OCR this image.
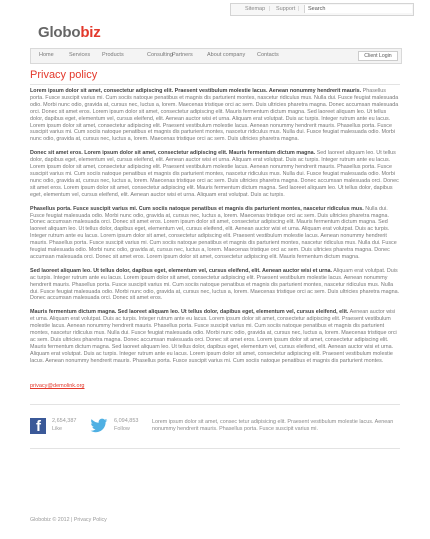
Sitemap | Support | Search
Globobiz
Home	Services Products	Consulting Partners	About company Contacts	Client Login
Privacy policy

Lorem ipsum dolor sit amet, consectetur adipiscing elit. Praesent vestibulum molestie lacus. Aenean nonummy hendrerit mauris. Phasellus porta. Fusce suscipit varius mi. Cum sociis natoque penatibus et magnis dis parturient montes, nascetur ridiculus mus. Nulla dui. Fusce feugiat malesuada odio. Morbi nunc odio, gravida at, cursus nec, luctus a, lorem. Maecenas tristique orci ac sem. Duis ultricies pharetra magna. Donec accumsan malesuada orci. Donec sit amet eros. Lorem ipsum dolor sit amet, consectetur adipiscing elit. Mauris fermentum dictum magna. Sed laoreet aliquam leo. Ut tellus dolor, dapibus eget, elementum vel, cursus eleifend, elit. Aenean auctor wisi et urna. Aliquam erat volutpat. Duis ac turpis. Integer rutrum ante eu lacus. Lorem ipsum dolor sit amet, consectetur adipiscing elit. Praesent vestibulum molestie lacus. Aenean nonummy hendrerit mauris. Phasellus porta. Fusce suscipit varius mi. Cum sociis natoque penatibus et magnis dis parturient montes, nascetur ridiculus mus. Nulla dui. Fusce feugiat malesuada odio. Morbi nunc odio, gravida at, cursus nec, luctus a, lorem. Maecenas tristique orci ac sem. Duis ultricies pharetra magna.

Donec sit amet eros. Lorem ipsum dolor sit amet, consectetur adipiscing elit. Mauris fermentum dictum magna. Sed laoreet aliquam leo. Ut tellus dolor, dapibus eget, elementum vel, cursus eleifend, elit. Aenean auctor wisi et urna. Aliquam erat volutpat. Duis ac turpis. Integer rutrum ante eu lacus. Lorem ipsum dolor sit amet, consectetur adipiscing elit. Praesent vestibulum molestie lacus. Aenean nonummy hendrerit mauris. Phasellus porta. Fusce suscipit varius mi. Cum sociis natoque penatibus et magnis dis parturient montes, nascetur ridiculus mus. Nulla dui. Fusce feugiat malesuada odio. Morbi nunc odio, gravida at, cursus nec, luctus a, lorem. Maecenas tristique orci ac sem. Duis ultricies pharetra magna. Donec accumsan malesuada orci. Donec sit amet eros. Lorem ipsum dolor sit amet, consectetur adipiscing elit. Mauris fermentum dictum magna. Sed laoreet aliquam leo. Ut tellus dolor, dapibus eget, elementum vel, cursus eleifend, elit. Aenean auctor wisi et urna. Aliquam erat volutpat. Duis ac turpis.

Phasellus porta. Fusce suscipit varius mi. Cum sociis natoque penatibus et magnis dis parturient montes, nascetur ridiculus mus. Nulla dui. Fusce feugiat malesuada odio. Morbi nunc odio, gravida at, cursus nec, luctus a, lorem. Maecenas tristique orci ac sem. Duis ultricies pharetra magna. Donec accumsan malesuada orci. Donec sit amet eros. Lorem ipsum dolor sit amet, consectetur adipiscing elit. Mauris fermentum dictum magna. Sed laoreet aliquam leo. Ut tellus dolor, dapibus eget, elementum vel, cursus eleifend, elit. Aenean auctor wisi et urna. Aliquam erat volutpat. Duis ac turpis. Integer rutrum ante eu lacus. Lorem ipsum dolor sit amet, consectetur adipiscing elit. Praesent vestibulum molestie lacus. Aenean nonummy hendrerit mauris. Phasellus porta. Fusce suscipit varius mi. Cum sociis natoque penatibus et magnis dis parturient montes, nascetur ridiculus mus. Nulla dui. Fusce feugiat malesuada odio. Morbi nunc odio, gravida at, cursus nec, luctus a, lorem. Maecenas tristique orci ac sem. Duis ultricies pharetra magna. Donec accumsan malesuada orci. Donec sit amet eros. Lorem ipsum dolor sit amet, consectetur adipiscing elit. Mauris fermentum dictum magna.

Sed laoreet aliquam leo. Ut tellus dolor, dapibus eget, elementum vel, cursus eleifend, elit. Aenean auctor wisi et urna. Aliquam erat volutpat. Duis ac turpis. Integer rutrum ante eu lacus. Lorem ipsum dolor sit amet, consectetur adipiscing elit. Praesent vestibulum molestie lacus. Aenean nonummy hendrerit mauris. Phasellus porta. Fusce suscipit varius mi. Cum sociis natoque penatibus et magnis dis parturient montes, nascetur ridiculus mus. Nulla dui. Fusce feugiat malesuada odio. Morbi nunc odio, gravida at, cursus nec, luctus a, lorem. Maecenas tristique orci ac sem. Duis ultricies pharetra magna. Donec accumsan malesuada orci. Donec sit amet eros.

Mauris fermentum dictum magna. Sed laoreet aliquam leo. Ut tellus dolor, dapibus eget, elementum vel, cursus eleifend, elit. Aenean auctor wisi et urna. Aliquam erat volutpat. Duis ac turpis. Integer rutrum ante eu lacus. Lorem ipsum dolor sit amet, consectetur adipiscing elit. Praesent vestibulum molestie lacus. Aenean nonummy hendrerit mauris. Phasellus porta. Fusce suscipit varius mi. Cum sociis natoque penatibus et magnis dis parturient montes, nascetur ridiculus mus. Nulla dui. Fusce feugiat malesuada odio. Morbi nunc odio, gravida at, cursus nec, luctus a, lorem. Maecenas tristique orci ac sem. Duis ultricies pharetra magna. Donec accumsan malesuada orci. Donec sit amet eros. Lorem ipsum dolor sit amet, consectetur adipiscing elit. Mauris fermentum dictum magna. Sed laoreet aliquam leo. Ut tellus dolor, dapibus eget, elementum vel, cursus eleifend, elit. Aenean auctor wisi et urna. Aliquam erat volutpat. Duis ac turpis. Integer rutrum ante eu lacus. Lorem ipsum dolor sit amet, consectetur adipiscing elit. Praesent vestibulum molestie lacus. Aenean nonummy hendrerit mauris. Phasellus porta. Fusce suscipit varius mi. Cum sociis natoque penatibus et magnis dis parturient montes.

privacy@demolink.org
f 2,654,387
Like
6,094,853
Follow
Lorem ipsum dolor sit amet, consec tetur adipisicing elit. Praesent vestibulum molestie lacus. Aenean nonummy hendrerit mauris. Phasellus porta. Fusce suscipit varius mi.
Globobiz © 2012 | Privacy Policy
